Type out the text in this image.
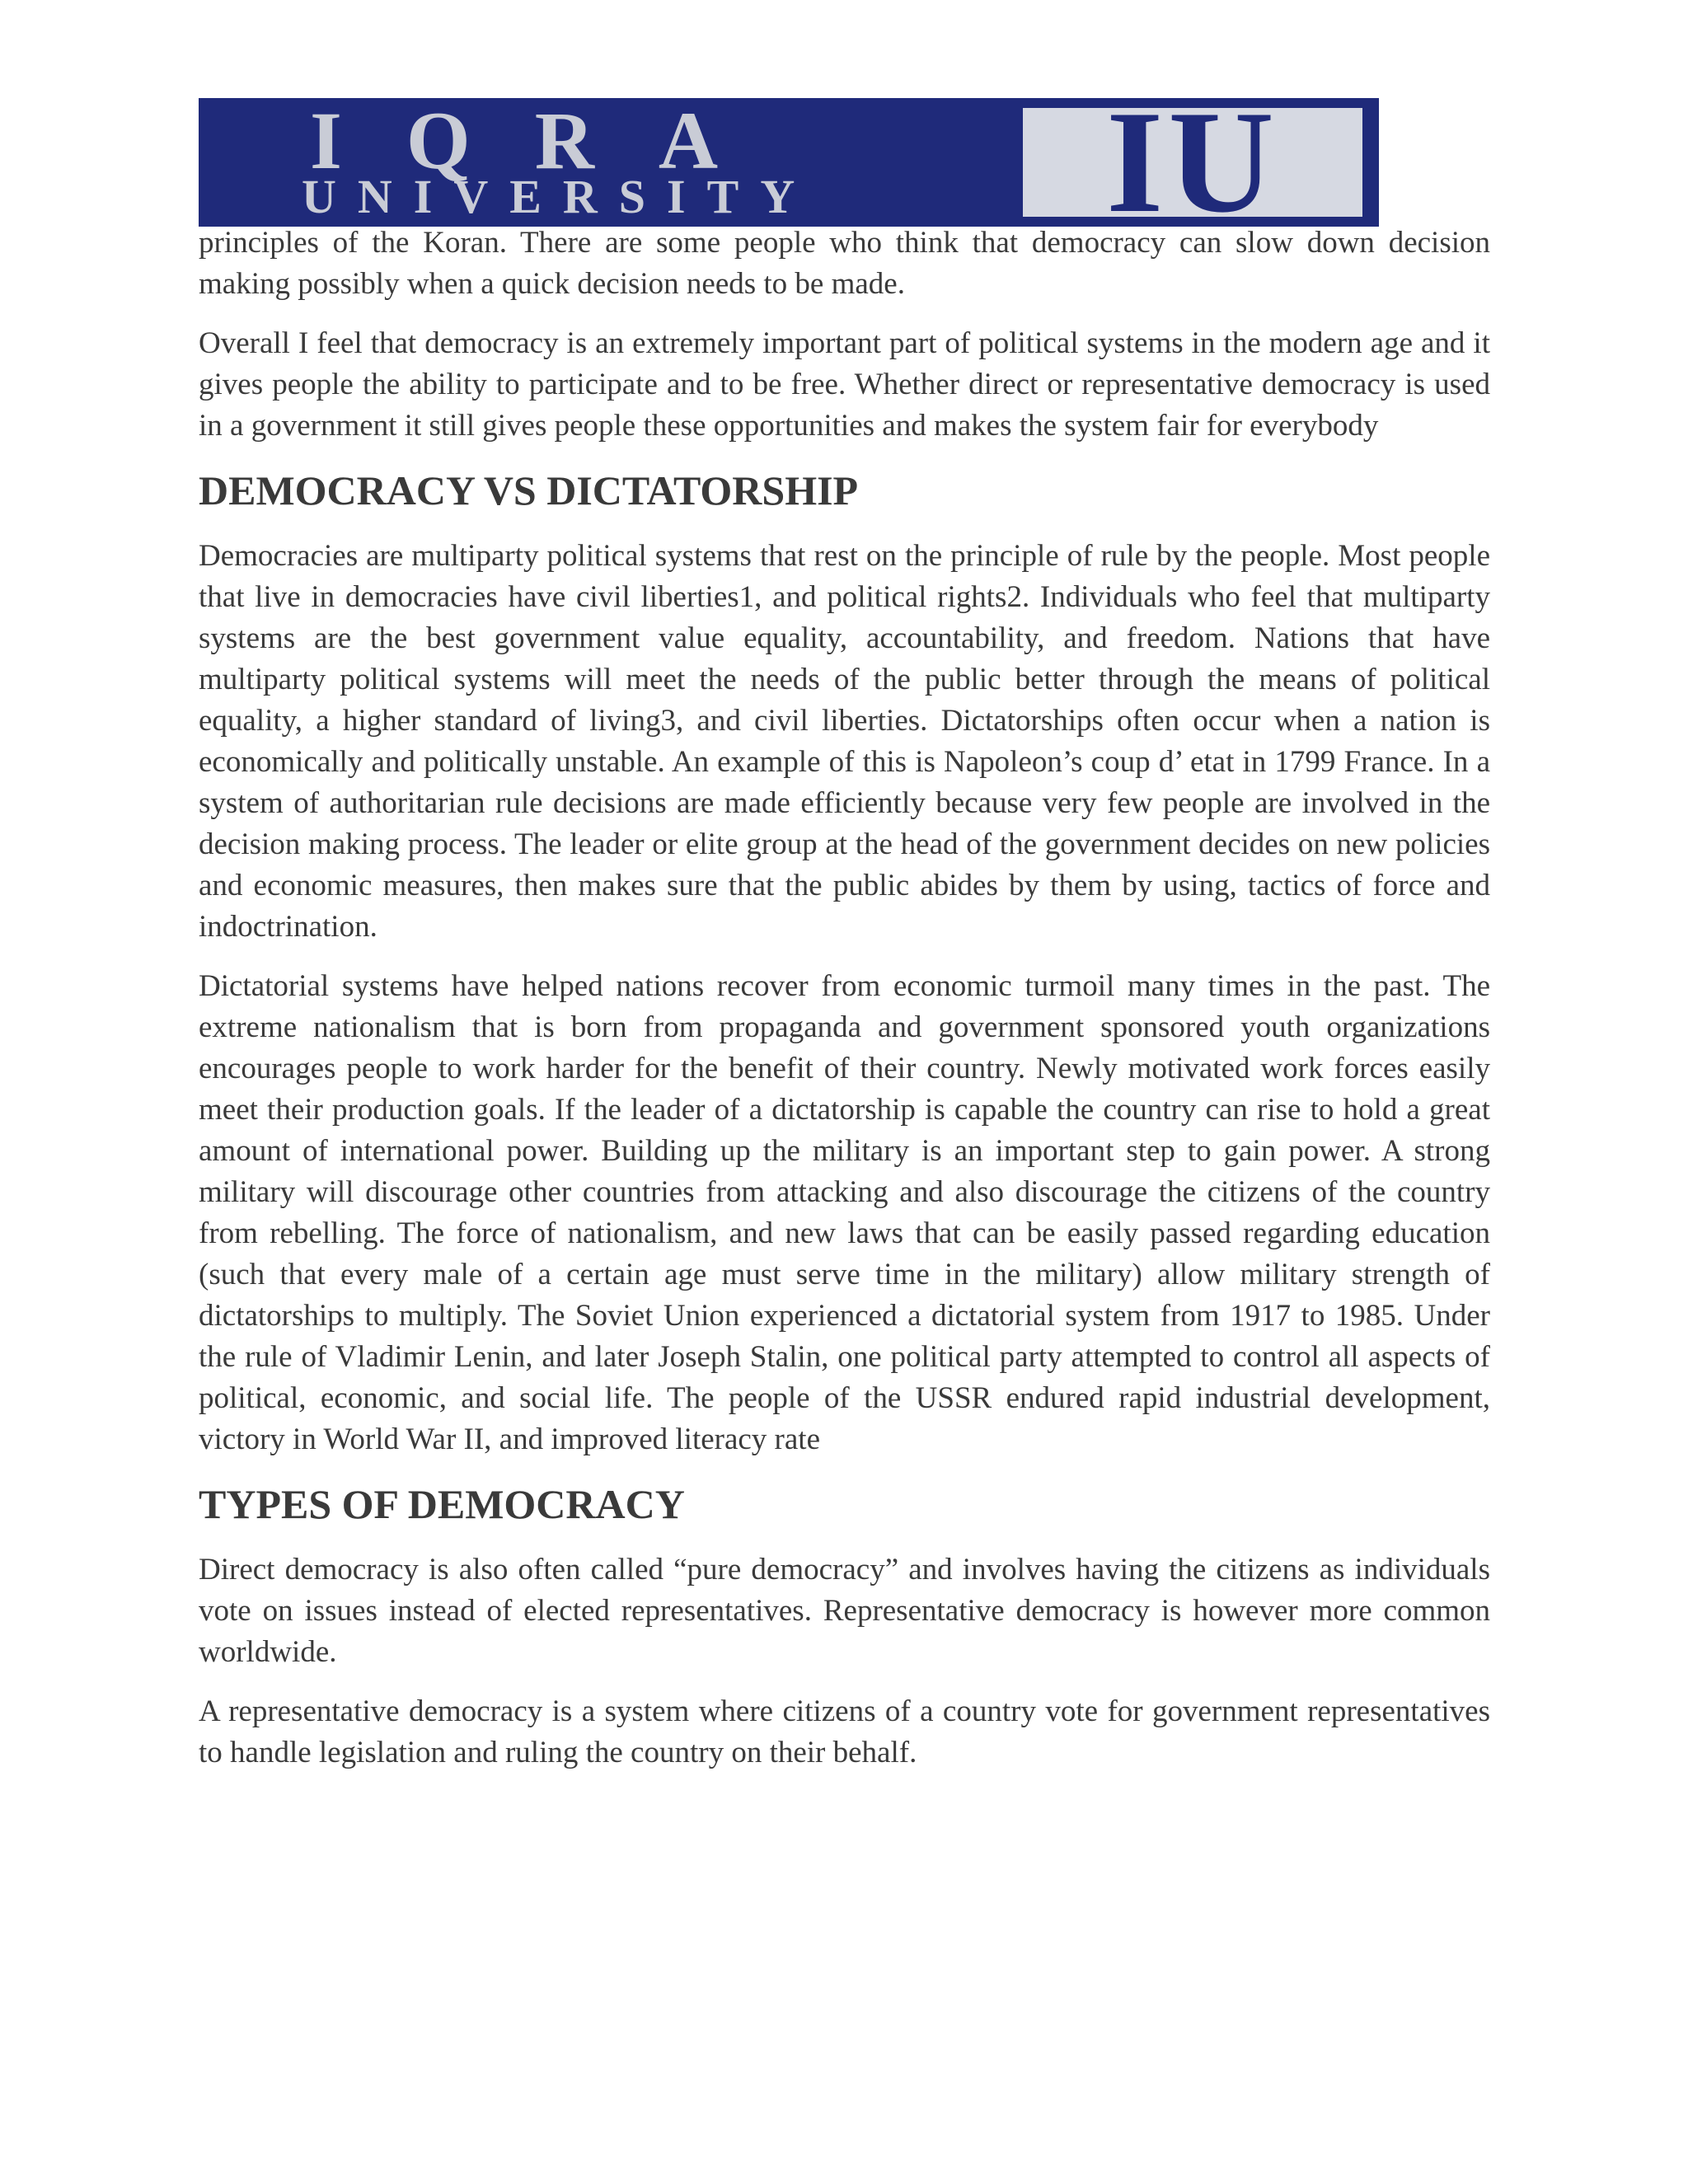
IQRA
UNIVERSITY	IU

principles of the Koran. There are some people who think that democracy can slow down decision making possibly when a quick decision needs to be made.

Overall I feel that democracy is an extremely important part of political systems in the modern age and it gives people the ability to participate and to be free. Whether direct or representative democracy is used in a government it still gives people these opportunities and makes the system fair for everybody

DEMOCRACY VS DICTATORSHIP

Democracies are multiparty political systems that rest on the principle of rule by the people. Most people that live in democracies have civil liberties1, and political rights2. Individuals who feel that multiparty systems are the best government value equality, accountability, and freedom. Nations that have multiparty political systems will meet the needs of the public better through the means of political equality, a higher standard of living3, and civil liberties. Dictatorships often occur when a nation is economically and politically unstable. An example of this is Napoleon’s coup d’ etat in 1799 France. In a system of authoritarian rule decisions are made efficiently because very few people are involved in the decision making process. The leader or elite group at the head of the government decides on new policies and economic measures, then makes sure that the public abides by them by using, tactics of force and indoctrination.

Dictatorial systems have helped nations recover from economic turmoil many times in the past. The extreme nationalism that is born from propaganda and government sponsored youth organizations encourages people to work harder for the benefit of their country. Newly motivated work forces easily meet their production goals. If the leader of a dictatorship is capable the country can rise to hold a great amount of international power. Building up the military is an important step to gain power. A strong military will discourage other countries from attacking and also discourage the citizens of the country from rebelling. The force of nationalism, and new laws that can be easily passed regarding education (such that every male of a certain age must serve time in the military) allow military strength of dictatorships to multiply. The Soviet Union experienced a dictatorial system from 1917 to 1985. Under the rule of Vladimir Lenin, and later Joseph Stalin, one political party attempted to control all aspects of political, economic, and social life. The people of the USSR endured rapid industrial development, victory in World War II, and improved literacy rate

TYPES OF DEMOCRACY

Direct democracy is also often called “pure democracy” and involves having the citizens as individuals vote on issues instead of elected representatives. Representative democracy is however more common worldwide.

A representative democracy is a system where citizens of a country vote for government representatives to handle legislation and ruling the country on their behalf.
